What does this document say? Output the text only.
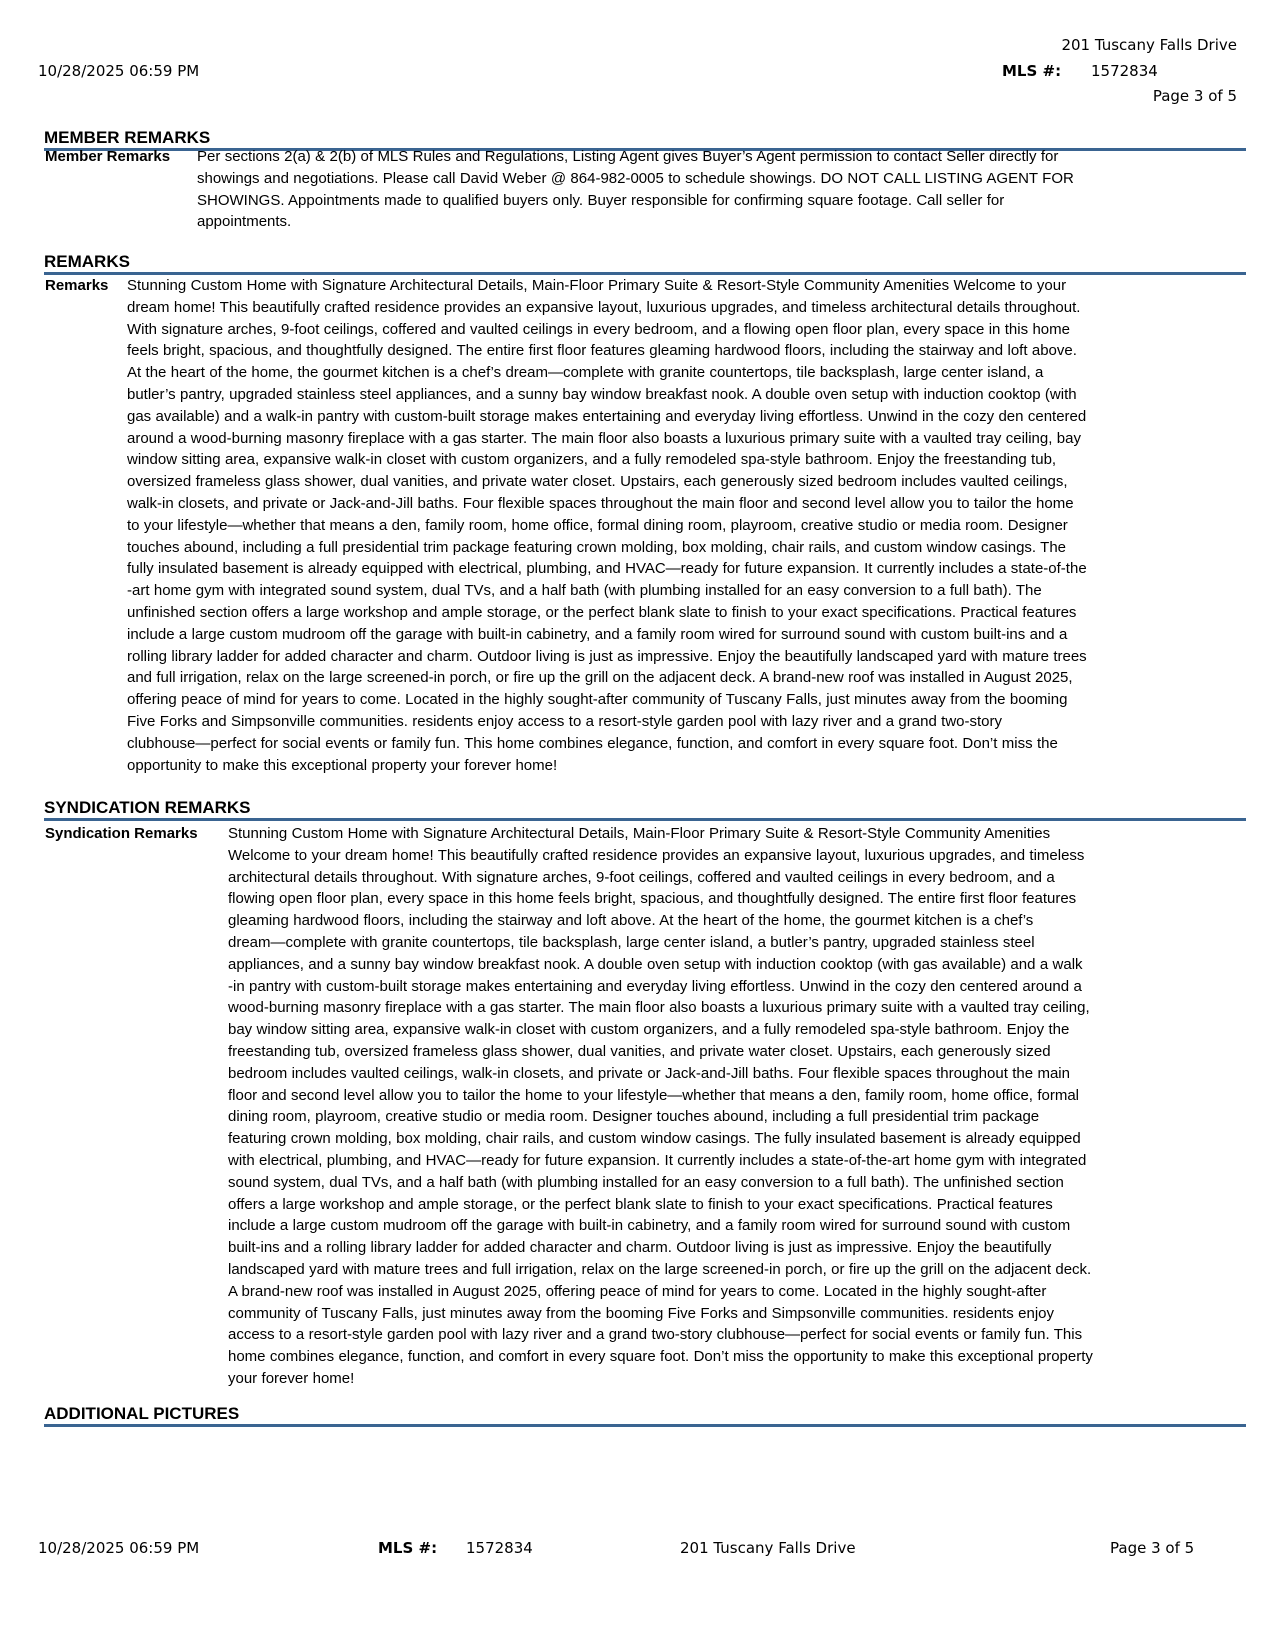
201 Tuscany Falls Drive
10/28/2025 06:59 PM	MLS #: 1572834
Page 3 of 5
MEMBER REMARKS
Member Remarks Per sections 2(a) & 2(b) of MLS Rules and Regulations, Listing Agent gives Buyer’s Agent permission to contact Seller directly for
showings and negotiations. Please call David Weber @ 864-982-0005 to schedule showings. DO NOT CALL LISTING AGENT FOR
SHOWINGS. Appointments made to qualified buyers only. Buyer responsible for confirming square footage. Call seller for
appointments.
REMARKS
Remarks Stunning Custom Home with Signature Architectural Details, Main-Floor Primary Suite & Resort-Style Community Amenities Welcome to your
dream home! This beautifully crafted residence provides an expansive layout, luxurious upgrades, and timeless architectural details throughout.
With signature arches, 9-foot ceilings, coffered and vaulted ceilings in every bedroom, and a flowing open floor plan, every space in this home
feels bright, spacious, and thoughtfully designed. The entire first floor features gleaming hardwood floors, including the stairway and loft above.
At the heart of the home, the gourmet kitchen is a chef’s dream—complete with granite countertops, tile backsplash, large center island, a
butler’s pantry, upgraded stainless steel appliances, and a sunny bay window breakfast nook. A double oven setup with induction cooktop (with
gas available) and a walk-in pantry with custom-built storage makes entertaining and everyday living effortless. Unwind in the cozy den centered
around a wood-burning masonry fireplace with a gas starter. The main floor also boasts a luxurious primary suite with a vaulted tray ceiling, bay
window sitting area, expansive walk-in closet with custom organizers, and a fully remodeled spa-style bathroom. Enjoy the freestanding tub,
oversized frameless glass shower, dual vanities, and private water closet. Upstairs, each generously sized bedroom includes vaulted ceilings,
walk-in closets, and private or Jack-and-Jill baths. Four flexible spaces throughout the main floor and second level allow you to tailor the home
to your lifestyle—whether that means a den, family room, home office, formal dining room, playroom, creative studio or media room. Designer
touches abound, including a full presidential trim package featuring crown molding, box molding, chair rails, and custom window casings. The
fully insulated basement is already equipped with electrical, plumbing, and HVAC—ready for future expansion. It currently includes a state-of-the
-art home gym with integrated sound system, dual TVs, and a half bath (with plumbing installed for an easy conversion to a full bath). The
unfinished section offers a large workshop and ample storage, or the perfect blank slate to finish to your exact specifications. Practical features
include a large custom mudroom off the garage with built-in cabinetry, and a family room wired for surround sound with custom built-ins and a
rolling library ladder for added character and charm. Outdoor living is just as impressive. Enjoy the beautifully landscaped yard with mature trees
and full irrigation, relax on the large screened-in porch, or fire up the grill on the adjacent deck. A brand-new roof was installed in August 2025,
offering peace of mind for years to come. Located in the highly sought-after community of Tuscany Falls, just minutes away from the booming
Five Forks and Simpsonville communities. residents enjoy access to a resort-style garden pool with lazy river and a grand two-story
clubhouse—perfect for social events or family fun. This home combines elegance, function, and comfort in every square foot. Don’t miss the
opportunity to make this exceptional property your forever home!
SYNDICATION REMARKS
Syndication Remarks Stunning Custom Home with Signature Architectural Details, Main-Floor Primary Suite & Resort-Style Community Amenities
Welcome to your dream home! This beautifully crafted residence provides an expansive layout, luxurious upgrades, and timeless
architectural details throughout. With signature arches, 9-foot ceilings, coffered and vaulted ceilings in every bedroom, and a
flowing open floor plan, every space in this home feels bright, spacious, and thoughtfully designed. The entire first floor features
gleaming hardwood floors, including the stairway and loft above. At the heart of the home, the gourmet kitchen is a chef’s
dream—complete with granite countertops, tile backsplash, large center island, a butler’s pantry, upgraded stainless steel
appliances, and a sunny bay window breakfast nook. A double oven setup with induction cooktop (with gas available) and a walk
-in pantry with custom-built storage makes entertaining and everyday living effortless. Unwind in the cozy den centered around a
wood-burning masonry fireplace with a gas starter. The main floor also boasts a luxurious primary suite with a vaulted tray ceiling,
bay window sitting area, expansive walk-in closet with custom organizers, and a fully remodeled spa-style bathroom. Enjoy the
freestanding tub, oversized frameless glass shower, dual vanities, and private water closet. Upstairs, each generously sized
bedroom includes vaulted ceilings, walk-in closets, and private or Jack-and-Jill baths. Four flexible spaces throughout the main
floor and second level allow you to tailor the home to your lifestyle—whether that means a den, family room, home office, formal
dining room, playroom, creative studio or media room. Designer touches abound, including a full presidential trim package
featuring crown molding, box molding, chair rails, and custom window casings. The fully insulated basement is already equipped
with electrical, plumbing, and HVAC—ready for future expansion. It currently includes a state-of-the-art home gym with integrated
sound system, dual TVs, and a half bath (with plumbing installed for an easy conversion to a full bath). The unfinished section
offers a large workshop and ample storage, or the perfect blank slate to finish to your exact specifications. Practical features
include a large custom mudroom off the garage with built-in cabinetry, and a family room wired for surround sound with custom
built-ins and a rolling library ladder for added character and charm. Outdoor living is just as impressive. Enjoy the beautifully
landscaped yard with mature trees and full irrigation, relax on the large screened-in porch, or fire up the grill on the adjacent deck.
A brand-new roof was installed in August 2025, offering peace of mind for years to come. Located in the highly sought-after
community of Tuscany Falls, just minutes away from the booming Five Forks and Simpsonville communities. residents enjoy
access to a resort-style garden pool with lazy river and a grand two-story clubhouse—perfect for social events or family fun. This
home combines elegance, function, and comfort in every square foot. Don’t miss the opportunity to make this exceptional property
your forever home!
ADDITIONAL PICTURES
10/28/2025 06:59 PM	MLS #: 1572834	201 Tuscany Falls Drive	Page 3 of 5
